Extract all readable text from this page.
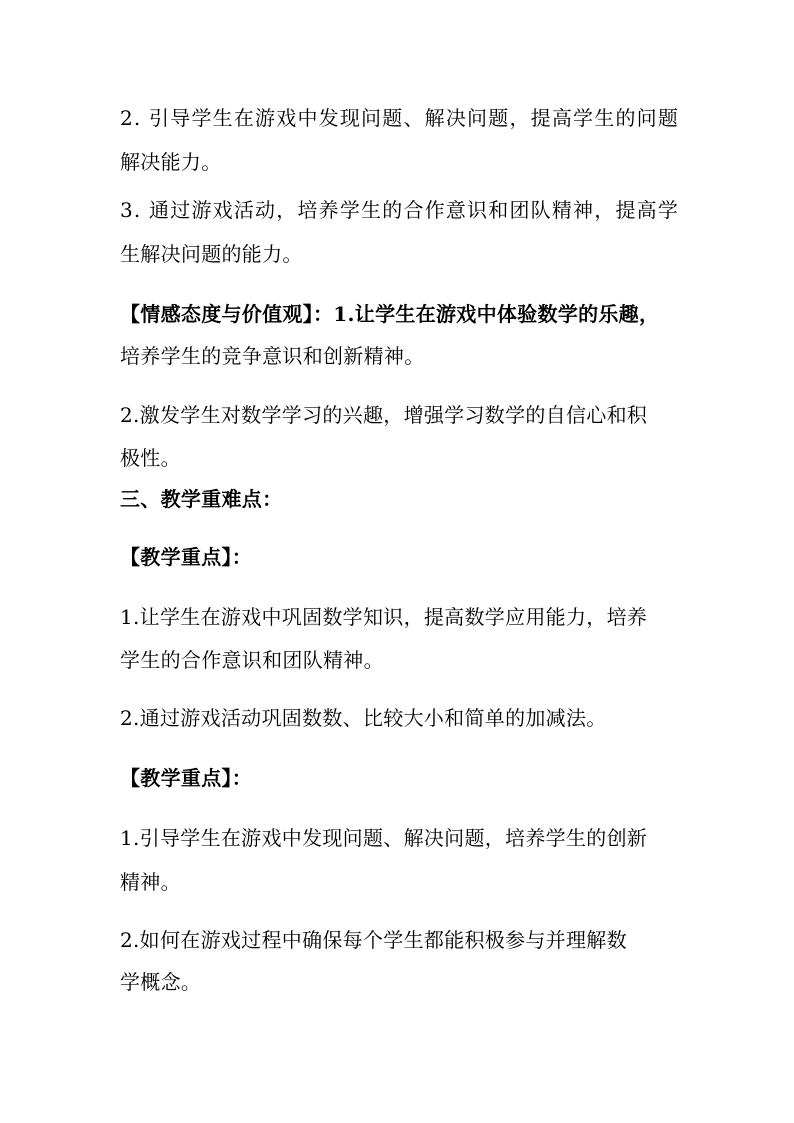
2. 引导学生在游戏中发现问题、解决问题，提高学生的问题
解决能力。
3. 通过游戏活动，培养学生的合作意识和团队精神，提高学
生解决问题的能力。
【情感态度与价值观】：1.让学生在游戏中体验数学的乐趣，
培养学生的竞争意识和创新精神。
2.激发学生对数学学习的兴趣，增强学习数学的自信心和积
极性。
三、教学重难点：
【教学重点】：
1.让学生在游戏中巩固数学知识，提高数学应用能力，培养
学生的合作意识和团队精神。
2.通过游戏活动巩固数数、比较大小和简单的加减法。
【教学重点】：
1.引导学生在游戏中发现问题、解决问题，培养学生的创新
精神。
2.如何在游戏过程中确保每个学生都能积极参与并理解数
学概念。
